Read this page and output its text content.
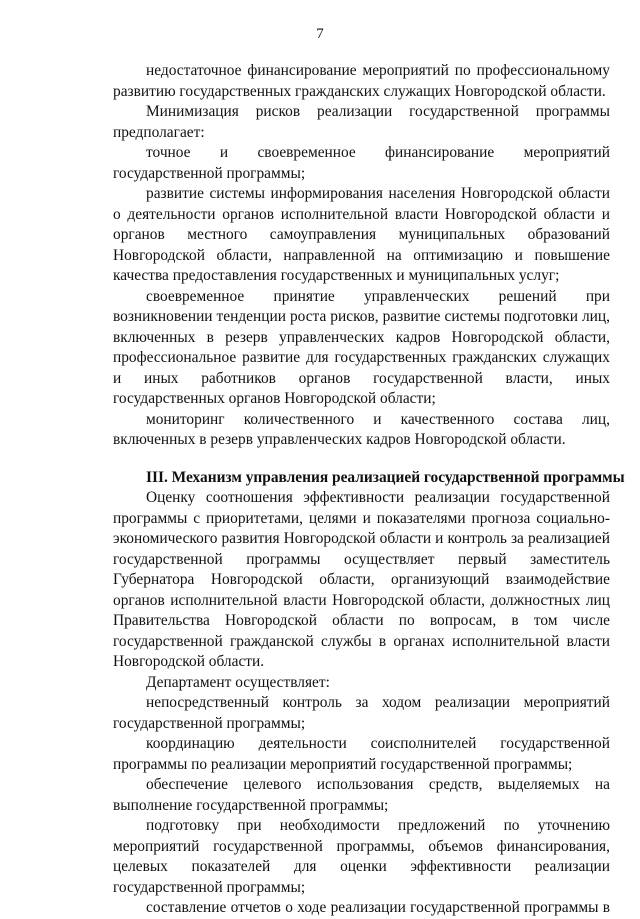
7

недостаточное финансирование мероприятий по профессиональному развитию государственных гражданских служащих Новгородской области.

Минимизация рисков реализации государственной программы предполагает:

точное и своевременное финансирование мероприятий государственной программы;

развитие системы информирования населения Новгородской области о деятельности органов исполнительной власти Новгородской области и органов местного самоуправления муниципальных образований Новгородской области, направленной на оптимизацию и повышение качества предоставления государственных и муниципальных услуг;

своевременное принятие управленческих решений при возникновении тенденции роста рисков, развитие системы подготовки лиц, включенных в резерв управленческих кадров Новгородской области, профессиональное развитие для государственных гражданских служащих и иных работников органов государственной власти, иных государственных органов Новгородской области;

мониторинг количественного и качественного состава лиц, включенных в резерв управленческих кадров Новгородской области.

III. Механизм управления реализацией государственной программы

Оценку соотношения эффективности реализации государственной программы с приоритетами, целями и показателями прогноза социально-экономического развития Новгородской области и контроль за реализацией государственной программы осуществляет первый заместитель Губернатора Новгородской области, организующий взаимодействие органов исполнительной власти Новгородской области, должностных лиц Правительства Новгородской области по вопросам, в том числе государственной гражданской службы в органах исполнительной власти Новгородской области.

Департамент осуществляет:

непосредственный контроль за ходом реализации мероприятий государственной программы;

координацию деятельности соисполнителей государственной программы по реализации мероприятий государственной программы;

обеспечение целевого использования средств, выделяемых на выполнение государственной программы;

подготовку при необходимости предложений по уточнению мероприятий государственной программы, объемов финансирования, целевых показателей для оценки эффективности реализации государственной программы;

составление отчетов о ходе реализации государственной программы в
